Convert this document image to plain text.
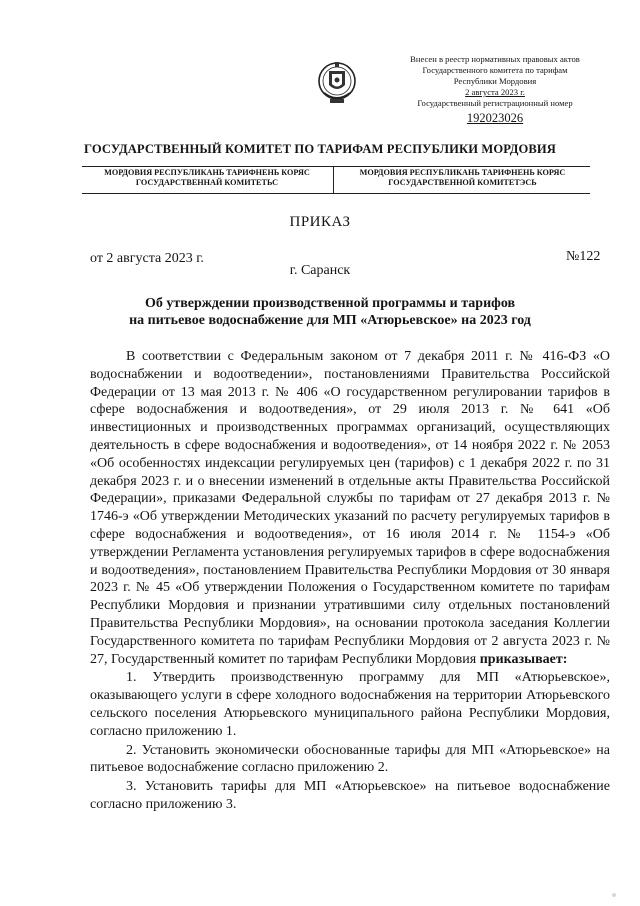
Внесен в реестр нормативных правовых актов
Государственного комитета по тарифам
Республики Мордовия
2 августа 2023 г.
Государственный регистрационный номер
192023026
ГОСУДАРСТВЕННЫЙ КОМИТЕТ ПО ТАРИФАМ РЕСПУБЛИКИ МОРДОВИЯ
МОРДОВИЯ РЕСПУБЛИКАНЬ ТАРИФНЕНЬ КОРЯС
ГОСУДАРСТВЕННАЙ КОМИТЕТЬС
МОРДОВИЯ РЕСПУБЛИКАНЬ ТАРИФНЕНЬ КОРЯС
ГОСУДАРСТВЕННОЙ КОМИТЕТЭСЬ
ПРИКАЗ
от 2 августа 2023 г.	№122
г. Саранск
Об утверждении производственной программы и тарифов
на питьевое водоснабжение для МП «Атюрьевское» на 2023 год

В соответствии с Федеральным законом от 7 декабря 2011 г. № 416-ФЗ «О водоснабжении и водоотведении», постановлениями Правительства Российской Федерации от 13 мая 2013 г. № 406 «О государственном регулировании тарифов в сфере водоснабжения и водоотведения», от 29 июля 2013 г. № 641 «Об инвестиционных и производственных программах организаций, осуществляющих деятельность в сфере водоснабжения и водоотведения», от 14 ноября 2022 г. № 2053 «Об особенностях индексации регулируемых цен (тарифов) с 1 декабря 2022 г. по 31 декабря 2023 г. и о внесении изменений в отдельные акты Правительства Российской Федерации», приказами Федеральной службы по тарифам от 27 декабря 2013 г. № 1746-э «Об утверждении Методических указаний по расчету регулируемых тарифов в сфере водоснабжения и водоотведения», от 16 июля 2014 г. № 1154-э «Об утверждении Регламента установления регулируемых тарифов в сфере водоснабжения и водоотведения», постановлением Правительства Республики Мордовия от 30 января 2023 г. № 45 «Об утверждении Положения о Государственном комитете по тарифам Республики Мордовия и признании утратившими силу отдельных постановлений Правительства Республики Мордовия», на основании протокола заседания Коллегии Государственного комитета по тарифам Республики Мордовия от 2 августа 2023 г. № 27, Государственный комитет по тарифам Республики Мордовия приказывает:

1. Утвердить производственную программу для МП «Атюрьевское», оказывающего услуги в сфере холодного водоснабжения на территории Атюрьевского сельского поселения Атюрьевского муниципального района Республики Мордовия, согласно приложению 1.

2. Установить экономически обоснованные тарифы для МП «Атюрьевское» на питьевое водоснабжение согласно приложению 2.

3. Установить тарифы для МП «Атюрьевское» на питьевое водоснабжение согласно приложению 3.
